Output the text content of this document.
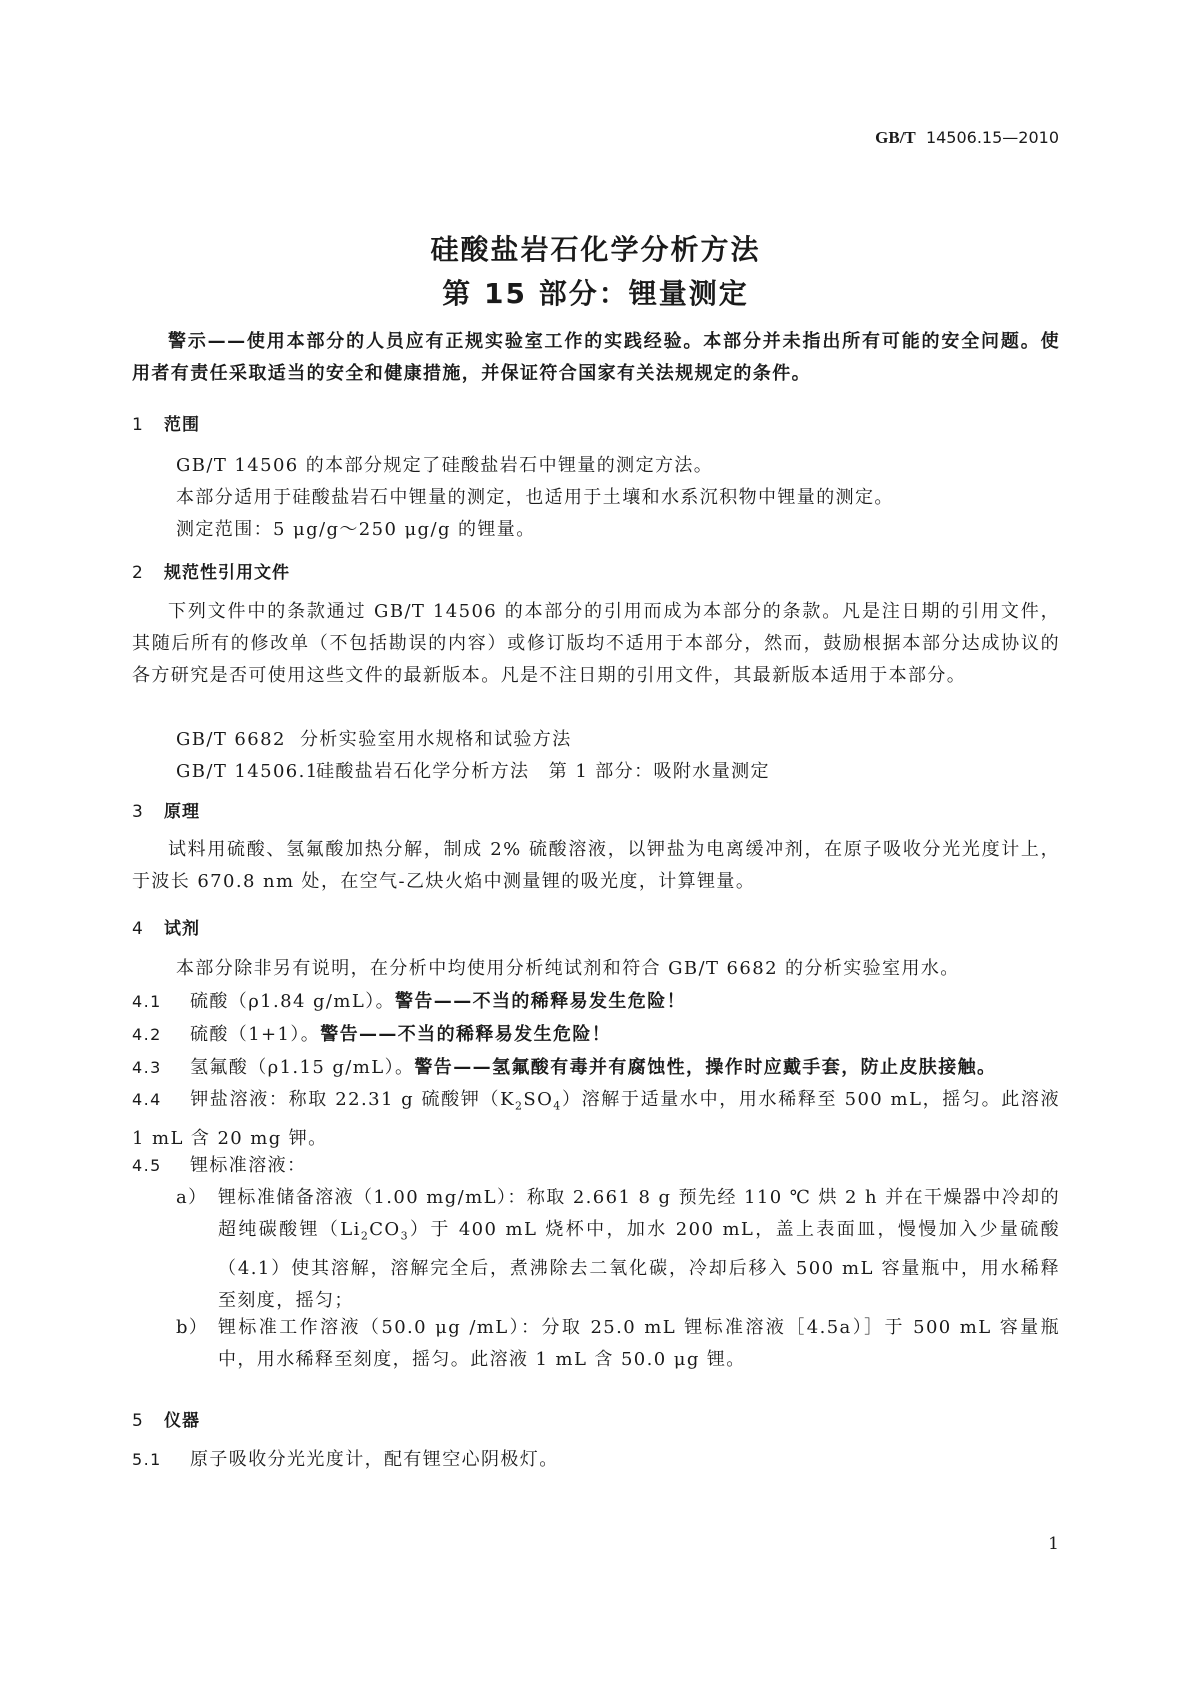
GB/T 14506.15—2010
硅酸盐岩石化学分析方法
第 15 部分：锂量测定
警示——使用本部分的人员应有正规实验室工作的实践经验。本部分并未指出所有可能的安全问题。使用者有责任采取适当的安全和健康措施，并保证符合国家有关法规规定的条件。
1 范围
GB/T 14506 的本部分规定了硅酸盐岩石中锂量的测定方法。
本部分适用于硅酸盐岩石中锂量的测定，也适用于土壤和水系沉积物中锂量的测定。
测定范围：5 μg/g～250 μg/g 的锂量。
2 规范性引用文件
下列文件中的条款通过 GB/T 14506 的本部分的引用而成为本部分的条款。凡是注日期的引用文件，其随后所有的修改单（不包括勘误的内容）或修订版均不适用于本部分，然而，鼓励根据本部分达成协议的各方研究是否可使用这些文件的最新版本。凡是不注日期的引用文件，其最新版本适用于本部分。
GB/T 6682 分析实验室用水规格和试验方法
GB/T 14506.1硅酸盐岩石化学分析方法　第 1 部分：吸附水量测定
3 原理
试料用硫酸、氢氟酸加热分解，制成 2% 硫酸溶液，以钾盐为电离缓冲剂，在原子吸收分光光度计上，于波长 670.8 nm 处，在空气-乙炔火焰中测量锂的吸光度，计算锂量。
4 试剂
本部分除非另有说明，在分析中均使用分析纯试剂和符合 GB/T 6682 的分析实验室用水。
4.1 硫酸（ρ1.84 g/mL）。警告——不当的稀释易发生危险！
4.2 硫酸（1+1）。警告——不当的稀释易发生危险！
4.3 氢氟酸（ρ1.15 g/mL）。警告——氢氟酸有毒并有腐蚀性，操作时应戴手套，防止皮肤接触。
4.4 钾盐溶液：称取 22.31 g 硫酸钾$(K_2SO_4)$溶解于适量水中，用水稀释至 500 mL，摇匀。此溶液 1 mL 含 20 mg 钾。
4.5 锂标准溶液：
a） 锂标准储备溶液（1.00 mg/mL）：称取 2.661 8 g 预先经 110 ℃ 烘 2 h 并在干燥器中冷却的超纯碳酸锂$(Li_2CO_3)$于 400 mL 烧杯中，加水 200 mL，盖上表面皿，慢慢加入少量硫酸（4.1）使其溶解，溶解完全后，煮沸除去二氧化碳，冷却后移入 500 mL 容量瓶中，用水稀释至刻度，摇匀；
b） 锂标准工作溶液（50.0 μg /mL）：分取 25.0 mL 锂标准溶液［4.5a）］于 500 mL 容量瓶中，用水稀释至刻度，摇匀。此溶液 1 mL 含 50.0 μg 锂。
5 仪器
5.1 原子吸收分光光度计，配有锂空心阴极灯。
1
